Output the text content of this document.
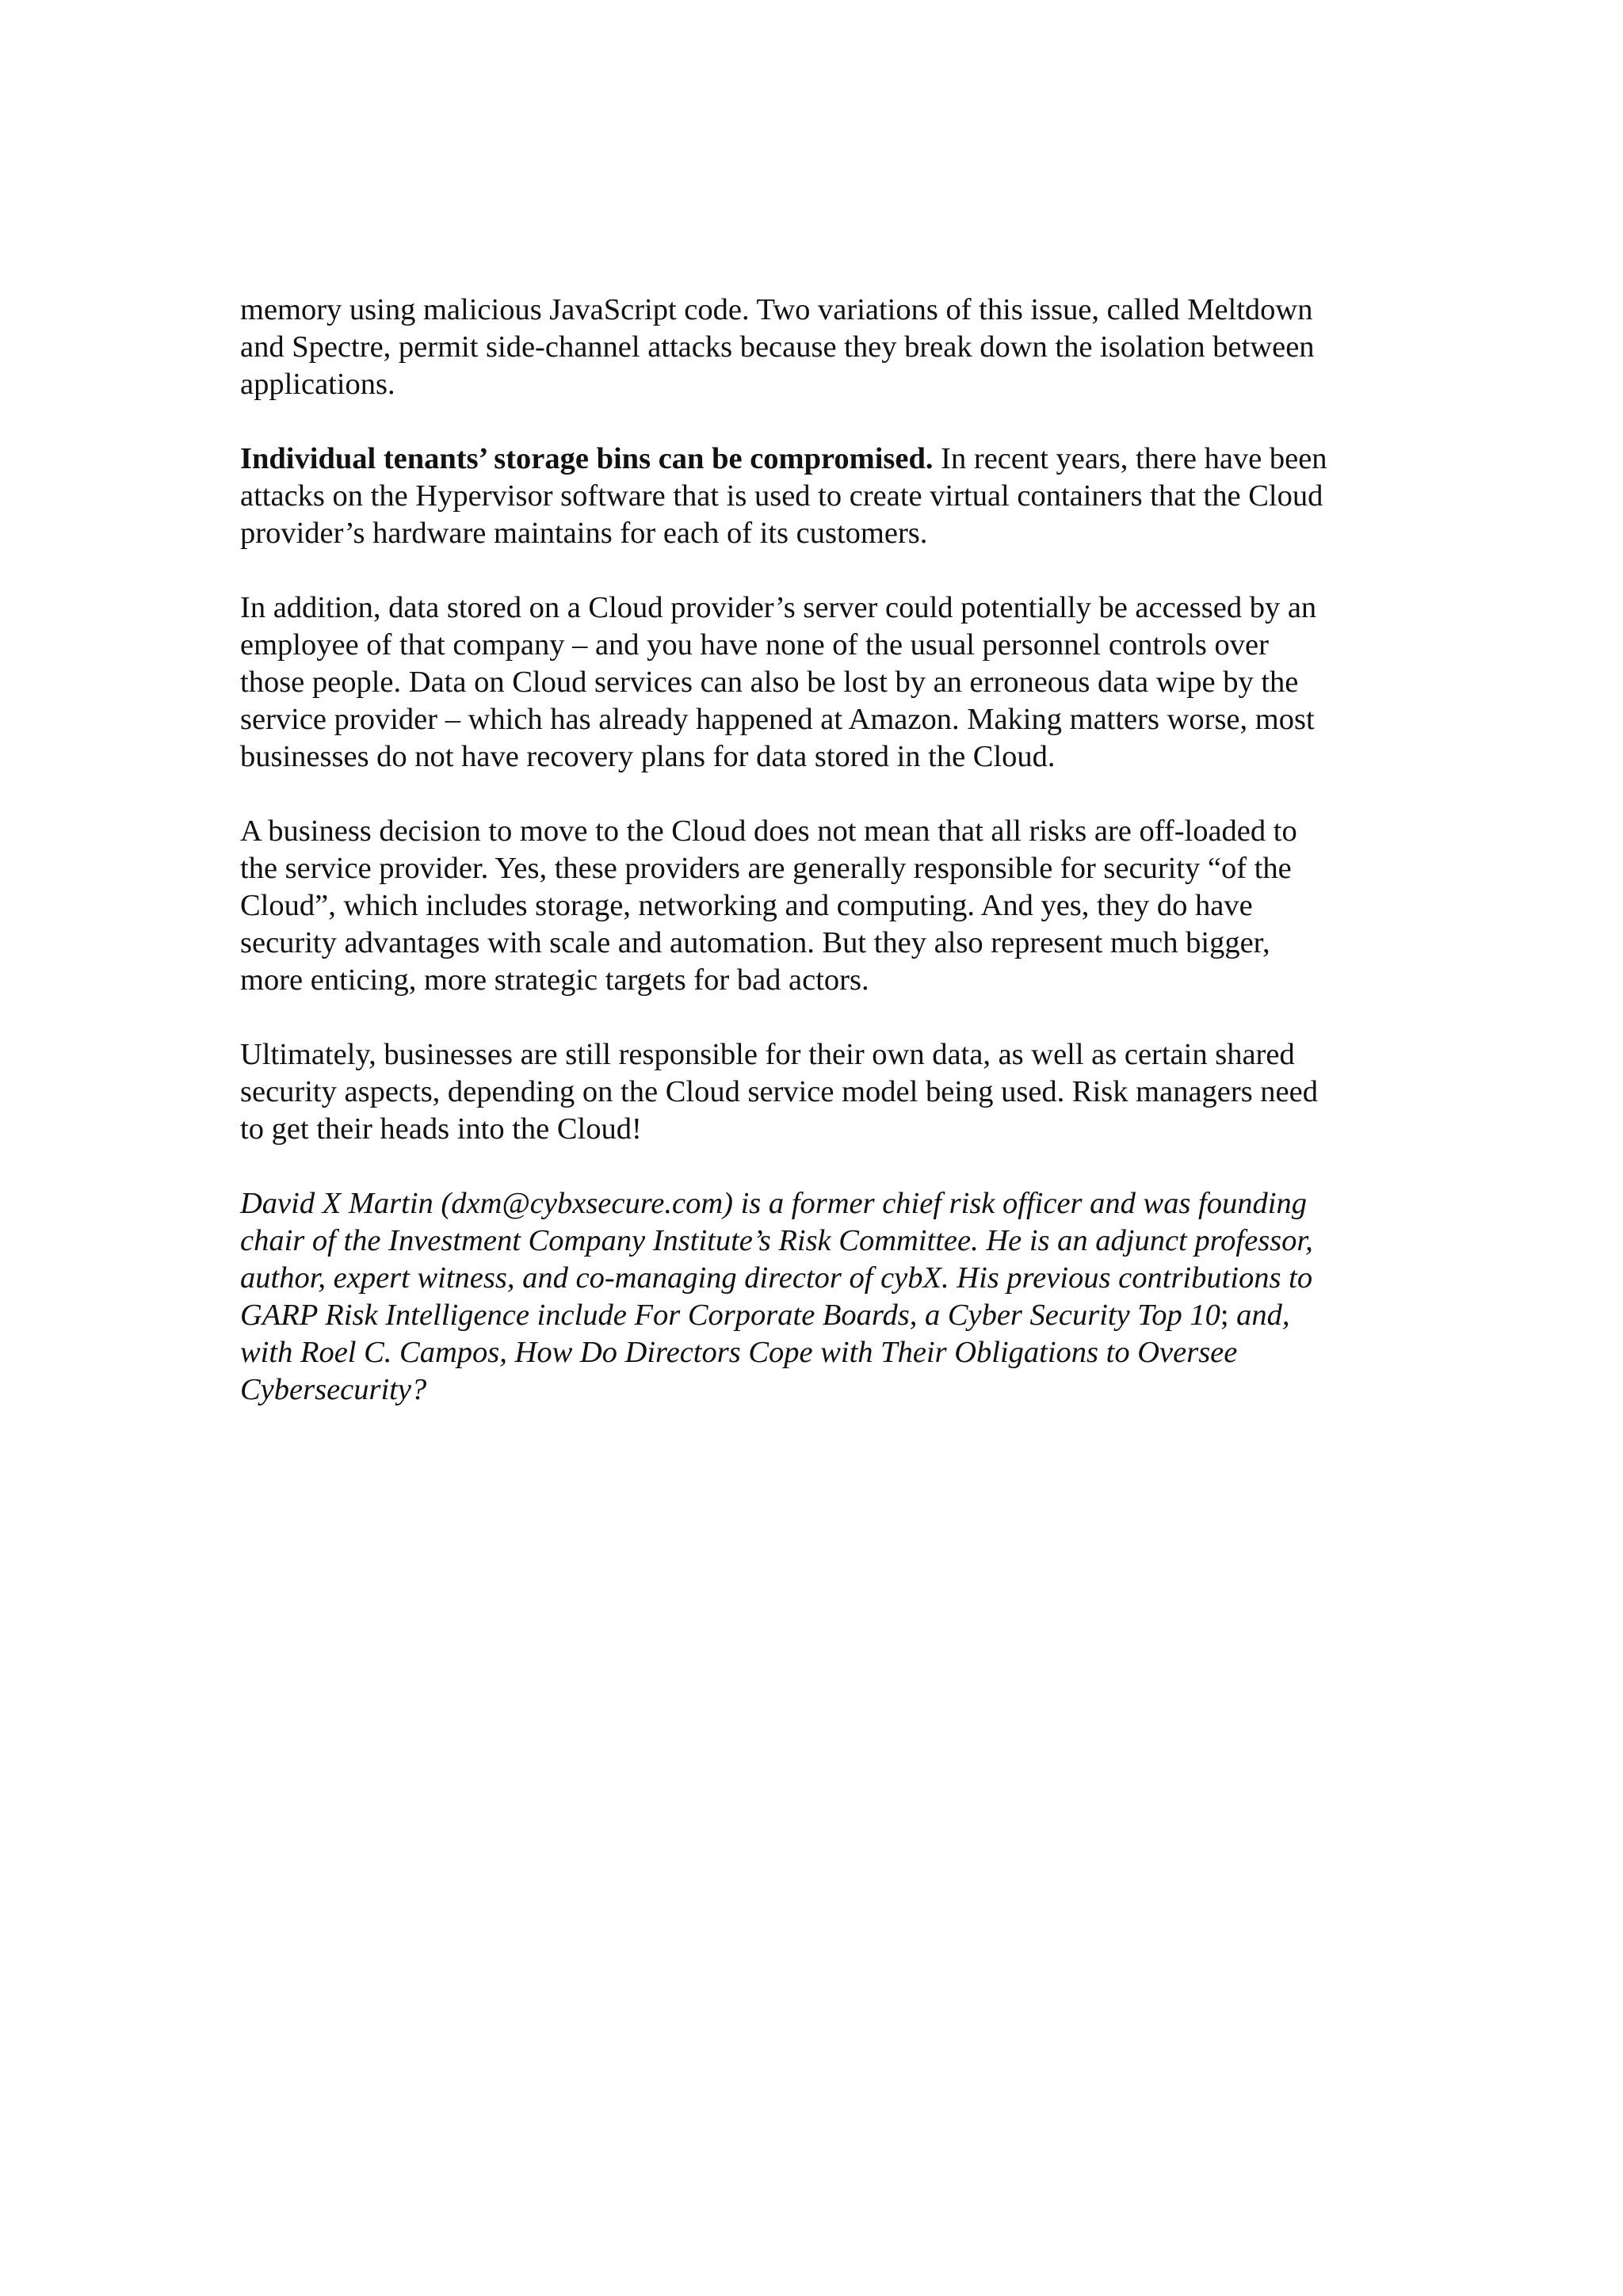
memory using malicious JavaScript code. Two variations of this issue, called Meltdown
and Spectre, permit side-channel attacks because they break down the isolation between
applications.

Individual tenants’ storage bins can be compromised. In recent years, there have been
attacks on the Hypervisor software that is used to create virtual containers that the Cloud
provider’s hardware maintains for each of its customers.

In addition, data stored on a Cloud provider’s server could potentially be accessed by an
employee of that company – and you have none of the usual personnel controls over
those people. Data on Cloud services can also be lost by an erroneous data wipe by the
service provider – which has already happened at Amazon. Making matters worse, most
businesses do not have recovery plans for data stored in the Cloud.

A business decision to move to the Cloud does not mean that all risks are off-loaded to
the service provider. Yes, these providers are generally responsible for security “of the
Cloud”, which includes storage, networking and computing. And yes, they do have
security advantages with scale and automation. But they also represent much bigger,
more enticing, more strategic targets for bad actors.

Ultimately, businesses are still responsible for their own data, as well as certain shared
security aspects, depending on the Cloud service model being used. Risk managers need
to get their heads into the Cloud!

David X Martin (dxm@cybxsecure.com) is a former chief risk officer and was founding
chair of the Investment Company Institute’s Risk Committee. He is an adjunct professor,
author, expert witness, and co-managing director of cybX. His previous contributions to
GARP Risk Intelligence include For Corporate Boards, a Cyber Security Top 10; and,
with Roel C. Campos, How Do Directors Cope with Their Obligations to Oversee
Cybersecurity?
